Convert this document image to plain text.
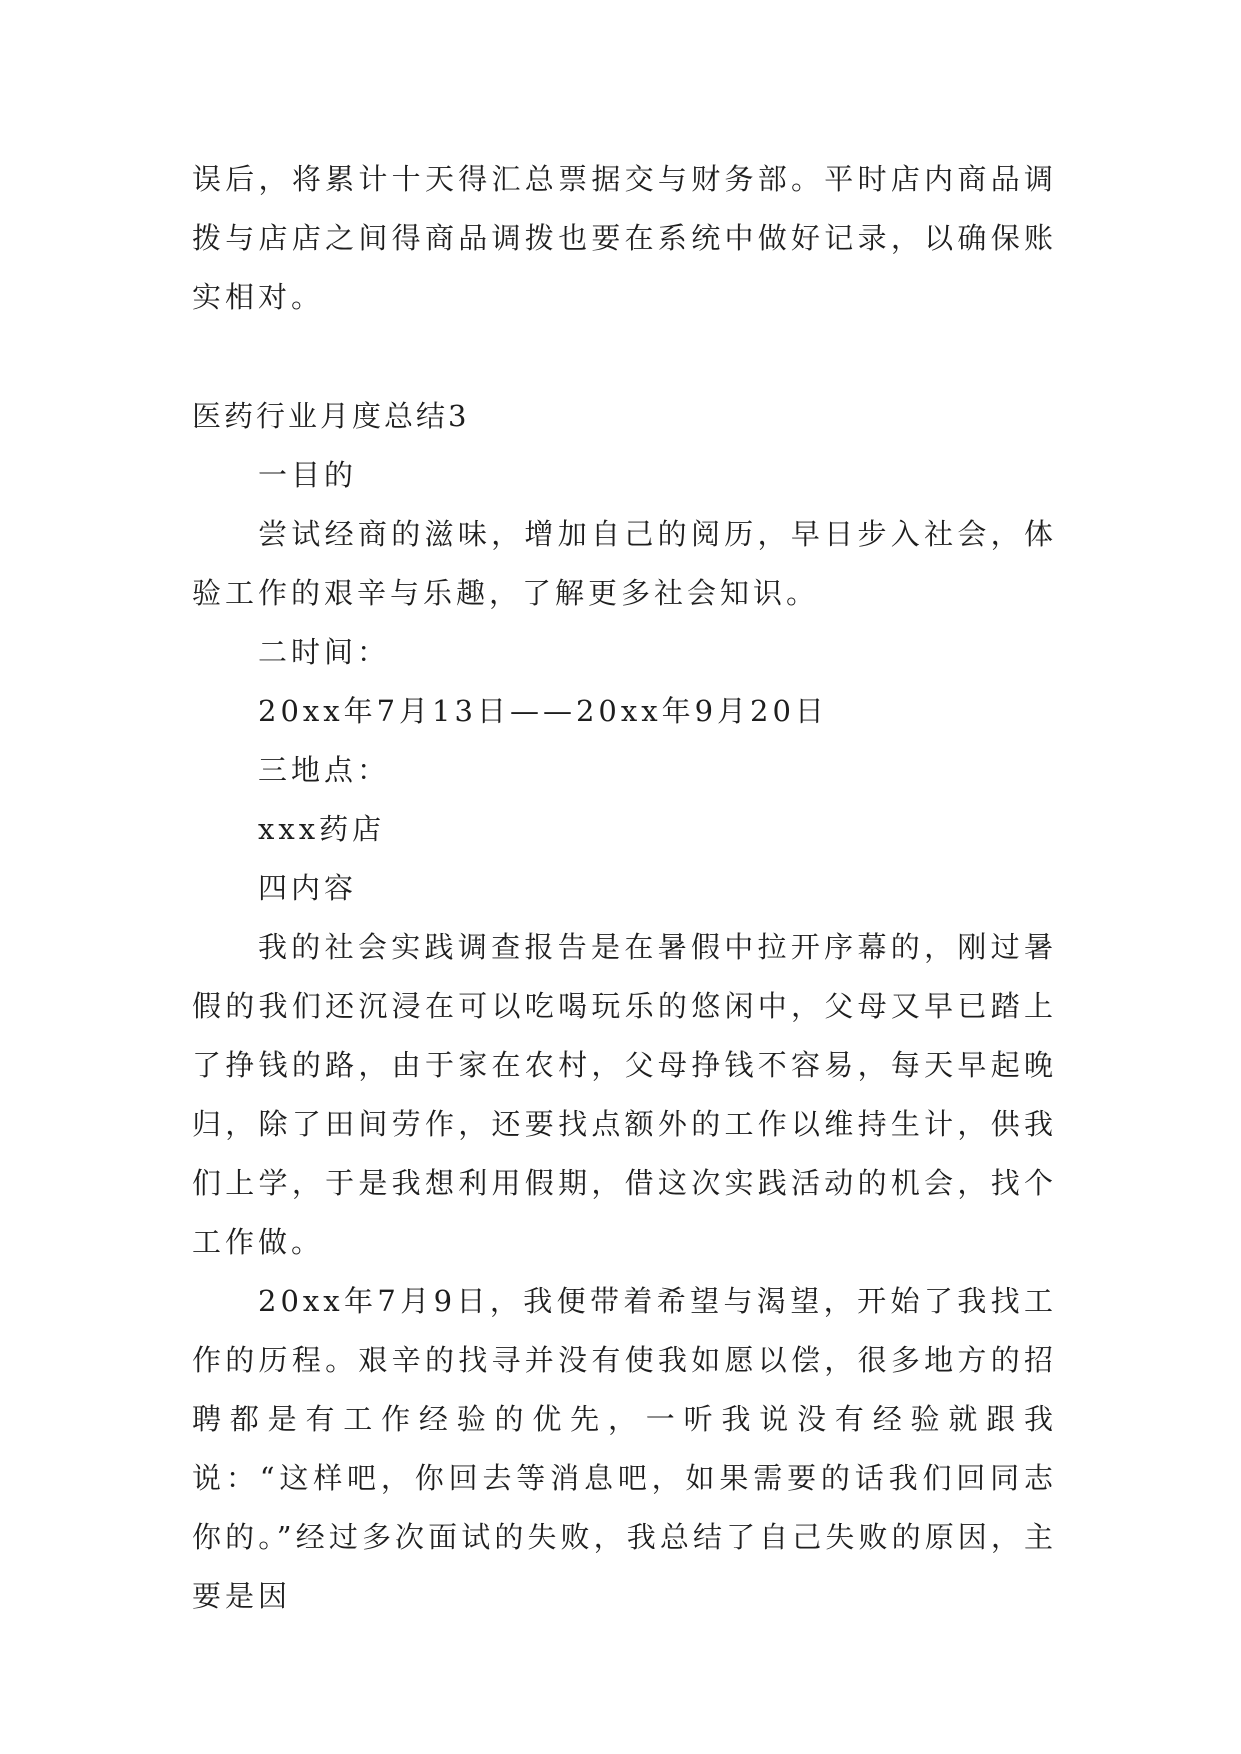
误后，将累计十天得汇总票据交与财务部。平时店内商品调拨与店店之间得商品调拨也要在系统中做好记录，以确保账实相对。

医药行业月度总结3

一目的

尝试经商的滋味，增加自己的阅历，早日步入社会，体验工作的艰辛与乐趣，了解更多社会知识。

二时间：

20xx年7月13日——20xx年9月20日

三地点：

xxx药店

四内容

我的社会实践调查报告是在暑假中拉开序幕的，刚过暑假的我们还沉浸在可以吃喝玩乐的悠闲中，父母又早已踏上了挣钱的路，由于家在农村，父母挣钱不容易，每天早起晚归，除了田间劳作，还要找点额外的工作以维持生计，供我们上学，于是我想利用假期，借这次实践活动的机会，找个工作做。

20xx年7月9日，我便带着希望与渴望，开始了我找工作的历程。艰辛的找寻并没有使我如愿以偿，很多地方的招聘都是有工作经验的优先，一听我说没有经验就跟我说：“这样吧，你回去等消息吧，如果需要的话我们回同志你的。”经过多次面试的失败，我总结了自己失败的原因，主要是因
